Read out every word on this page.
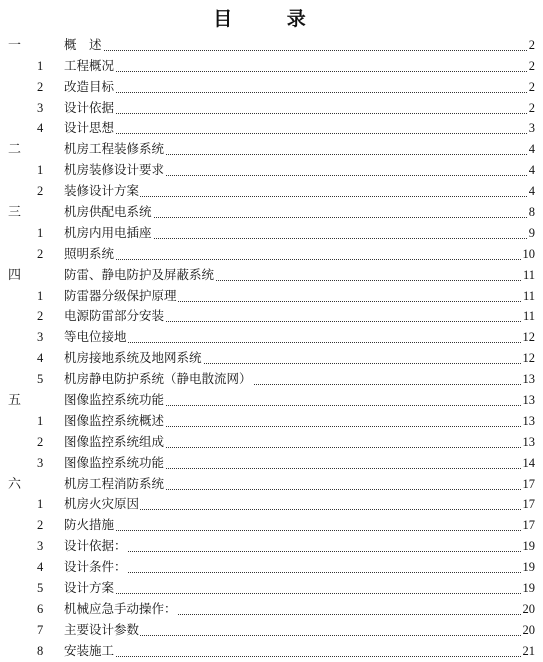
目 录
一	概　述	2
1 工程概况	2
2 改造目标	2
3 设计依据	2
4 设计思想	3
二	机房工程装修系统	4
1 机房装修设计要求	4
2 装修设计方案	4
三	机房供配电系统	8
1 机房内用电插座	9
2 照明系统	10
四	防雷、静电防护及屏蔽系统	11
1 防雷器分级保护原理	11
2 电源防雷部分安装	11
3 等电位接地	12
4 机房接地系统及地网系统	12
5 机房静电防护系统（静电散流网）	13
五	图像监控系统功能	13
1 图像监控系统概述	13
2 图像监控系统组成	13
3 图像监控系统功能	14
六	机房工程消防系统	17
1 机房火灾原因	17
2 防火措施	17
3 设计依据：	19
4 设计条件：	19
5 设计方案	19
6 机械应急手动操作：	20
7 主要设计参数	20
8 安装施工	21
